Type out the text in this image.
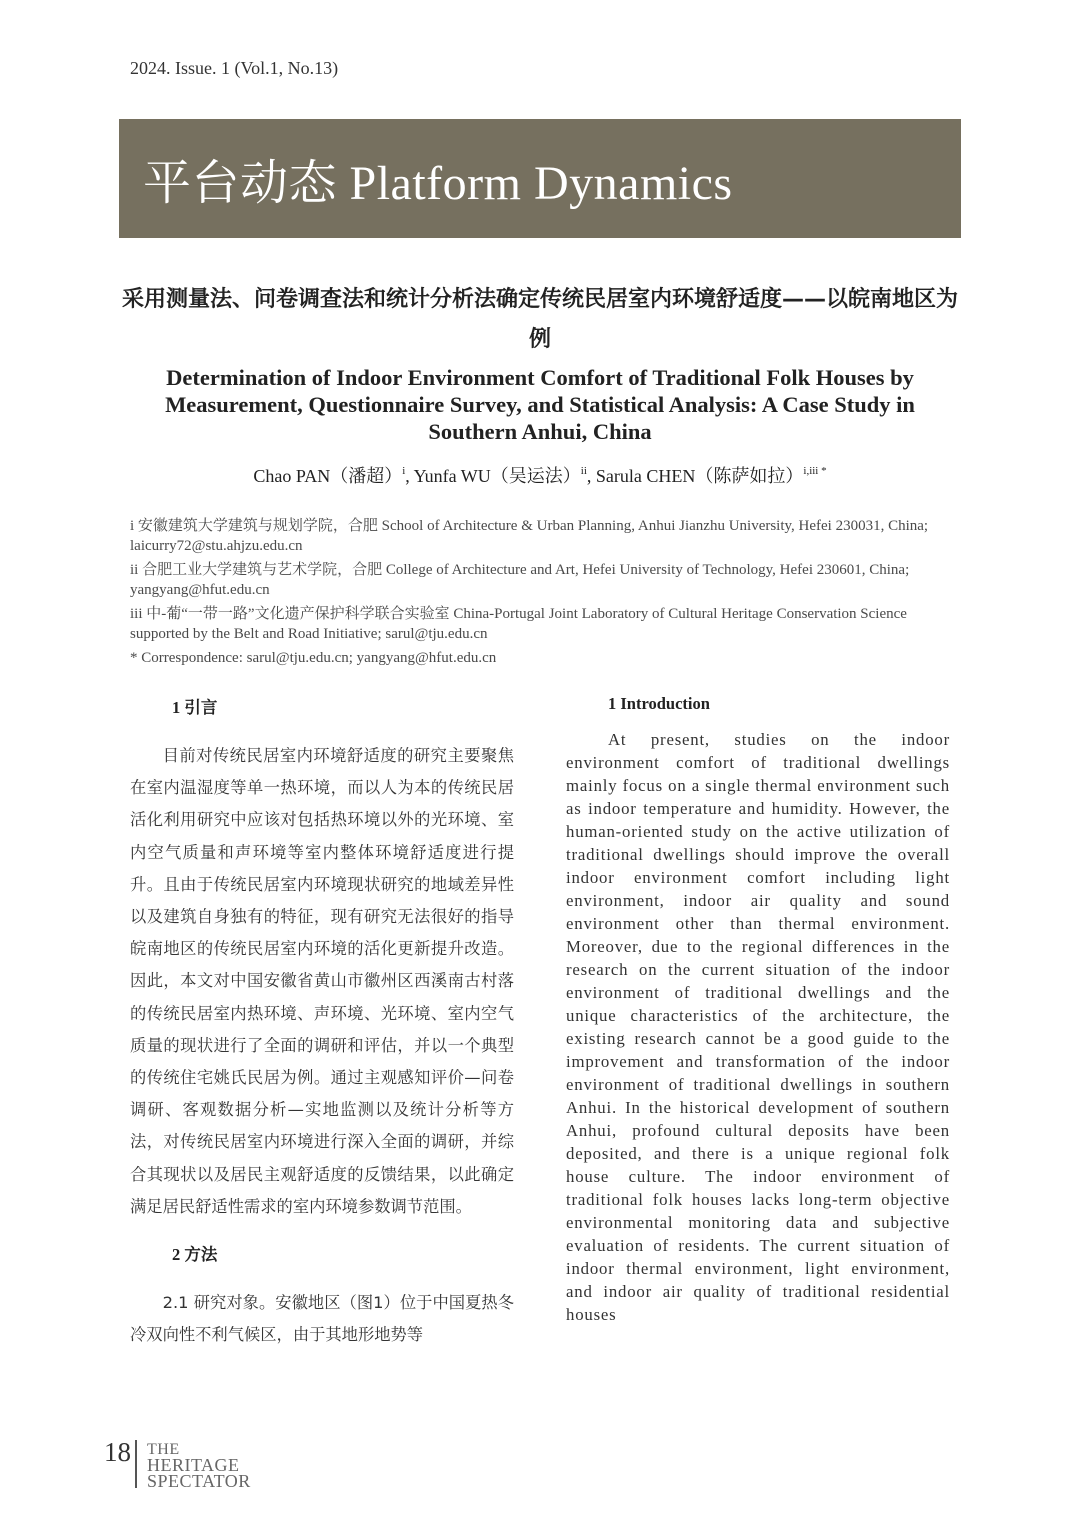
2024. Issue. 1 (Vol.1, No.13)
平台动态 Platform Dynamics
采用测量法、问卷调查法和统计分析法确定传统民居室内环境舒适度——以皖南地区为例
Determination of Indoor Environment Comfort of Traditional Folk Houses by Measurement, Questionnaire Survey, and Statistical Analysis: A Case Study in Southern Anhui, China
Chao PAN（潘超）$^i$, Yunfa WU（吴运法）$^{ii}$, Sarula CHEN（陈萨如拉）$^{i,iii *}$

i 安徽建筑大学建筑与规划学院，合肥 School of Architecture & Urban Planning, Anhui Jianzhu University, Hefei 230031, China; laicurry72@stu.ahjzu.edu.cn

ii 合肥工业大学建筑与艺术学院，合肥 College of Architecture and Art, Hefei University of Technology, Hefei 230601, China; yangyang@hfut.edu.cn

iii 中-葡“一带一路”文化遗产保护科学联合实验室 China-Portugal Joint Laboratory of Cultural Heritage Conservation Science supported by the Belt and Road Initiative; sarul@tju.edu.cn

* Correspondence: sarul@tju.edu.cn; yangyang@hfut.edu.cn

1 引言

目前对传统民居室内环境舒适度的研究主要聚焦在室内温湿度等单一热环境，而以人为本的传统民居活化利用研究中应该对包括热环境以外的光环境、室内空气质量和声环境等室内整体环境舒适度进行提升。且由于传统民居室内环境现状研究的地域差异性以及建筑自身独有的特征，现有研究无法很好的指导皖南地区的传统民居室内环境的活化更新提升改造。因此，本文对中国安徽省黄山市徽州区西溪南古村落的传统民居室内热环境、声环境、光环境、室内空气质量的现状进行了全面的调研和评估，并以一个典型的传统住宅姚氏民居为例。通过主观感知评价—问卷调研、客观数据分析—实地监测以及统计分析等方法，对传统民居室内环境进行深入全面的调研，并综合其现状以及居民主观舒适度的反馈结果，以此确定满足居民舒适性需求的室内环境参数调节范围。

2 方法

2.1 研究对象。安徽地区（图1）位于中国夏热冬冷双向性不利气候区，由于其地形地势等

1 Introduction

At present, studies on the indoor environment comfort of traditional dwellings mainly focus on a single thermal environment such as indoor temperature and humidity. However, the human-oriented study on the active utilization of traditional dwellings should improve the overall indoor environment comfort including light environment, indoor air quality and sound environment other than thermal environment. Moreover, due to the regional differences in the research on the current situation of the indoor environment of traditional dwellings and the unique characteristics of the architecture, the existing research cannot be a good guide to the improvement and transformation of the indoor environment of traditional dwellings in southern Anhui. In the historical development of southern Anhui, profound cultural deposits have been deposited, and there is a unique regional folk house culture. The indoor environment of traditional folk houses lacks long-term objective environmental monitoring data and subjective evaluation of residents. The current situation of indoor thermal environment, light environment, and indoor air quality of traditional residential houses

18 THE
HERITAGE
SPECTATOR
